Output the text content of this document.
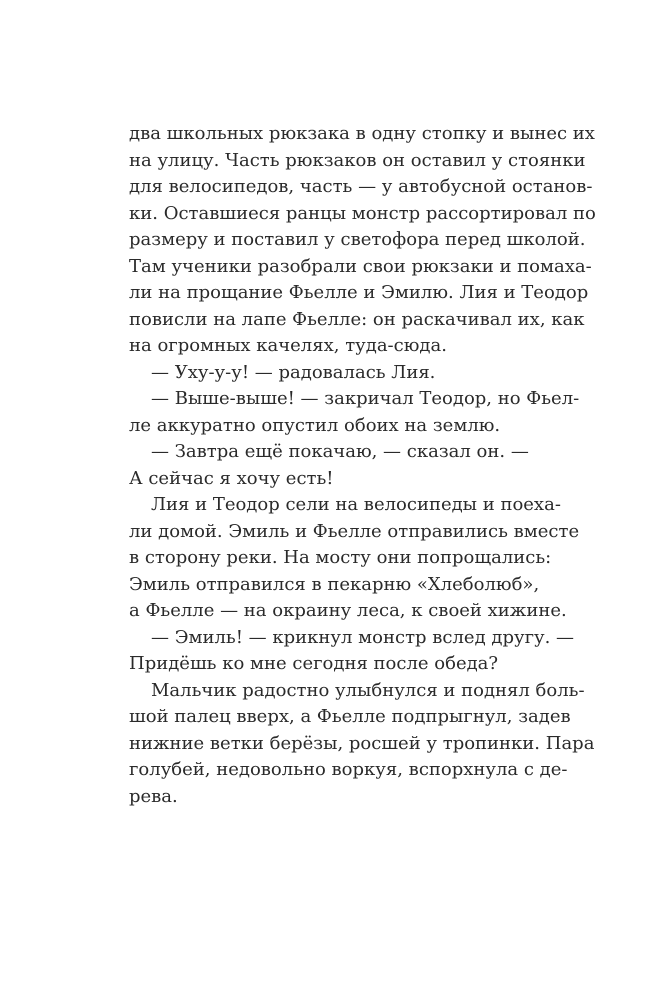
два школьных рюкзака в одну стопку и вынес их
на улицу. Часть рюкзаков он оставил у стоянки
для велосипедов, часть — у автобусной останов-
ки. Оставшиеся ранцы монстр рассортировал по
размеру и поставил у светофора перед школой.
Там ученики разобрали свои рюкзаки и помаха-
ли на прощание Фьелле и Эмилю. Лия и Теодор
повисли на лапе Фьелле: он раскачивал их, как
на огромных качелях, туда-сюда.
— Уху-у-у! — радовалась Лия.
— Выше-выше! — закричал Теодор, но Фьел-
ле аккуратно опустил обоих на землю.
— Завтра ещё покачаю, — сказал он. —
А сейчас я хочу есть!
Лия и Теодор сели на велосипеды и поеха-
ли домой. Эмиль и Фьелле отправились вместе
в сторону реки. На мосту они попрощались:
Эмиль отправился в пекарню «Хлеболюб»,
а Фьелле — на окраину леса, к своей хижине.
— Эмиль! — крикнул монстр вслед другу. —
Придёшь ко мне сегодня после обеда?
Мальчик радостно улыбнулся и поднял боль-
шой палец вверх, а Фьелле подпрыгнул, задев
нижние ветки берёзы, росшей у тропинки. Пара
голубей, недовольно воркуя, вспорхнула с де-
рева.
